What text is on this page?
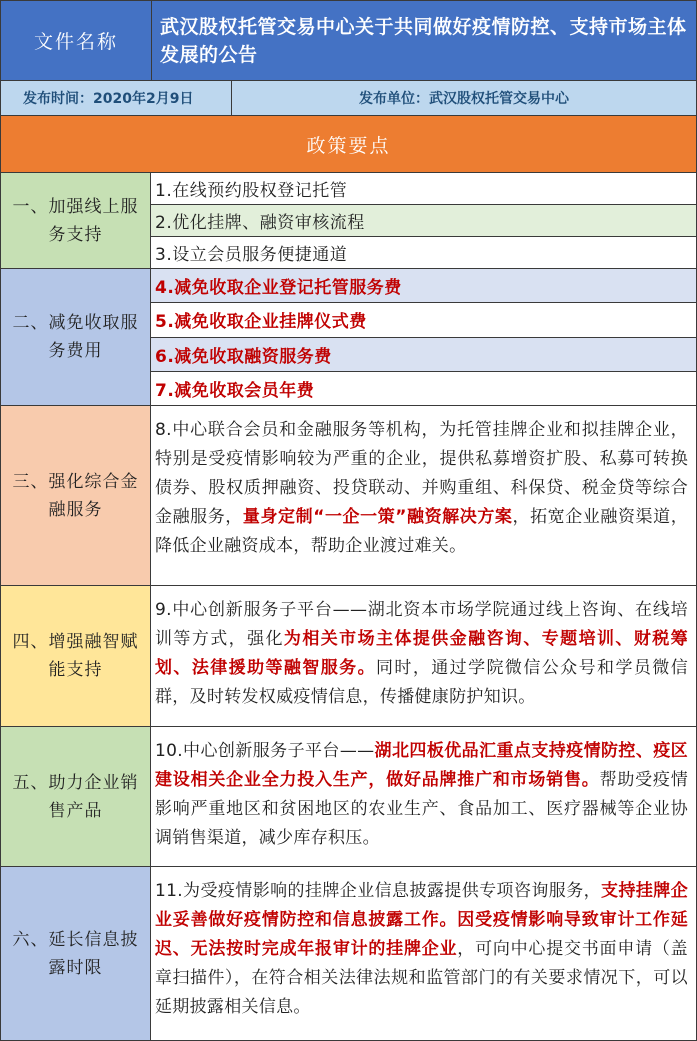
文件名称
武汉股权托管交易中心关于共同做好疫情防控、支持市场主体发展的公告
发布时间：2020年2月9日	发布单位：武汉股权托管交易中心
政策要点
一、加强线上服务支持
1.在线预约股权登记托管
2.优化挂牌、融资审核流程
3.设立会员服务便捷通道
二、减免收取服务费用
4.减免收取企业登记托管服务费
5.减免收取企业挂牌仪式费
6.减免收取融资服务费
7.减免收取会员年费
三、强化综合金融服务
8.中心联合会员和金融服务等机构，为托管挂牌企业和拟挂牌企业，特别是受疫情影响较为严重的企业，提供私募增资扩股、私募可转换债券、股权质押融资、投贷联动、并购重组、科保贷、税金贷等综合金融服务，量身定制“一企一策”融资解决方案，拓宽企业融资渠道，降低企业融资成本，帮助企业渡过难关。
四、增强融智赋能支持
9.中心创新服务子平台——湖北资本市场学院通过线上咨询、在线培训等方式，强化为相关市场主体提供金融咨询、专题培训、财税筹划、法律援助等融智服务。同时，通过学院微信公众号和学员微信群，及时转发权威疫情信息，传播健康防护知识。
五、助力企业销售产品
10.中心创新服务子平台——湖北四板优品汇重点支持疫情防控、疫区建设相关企业全力投入生产，做好品牌推广和市场销售。帮助受疫情影响严重地区和贫困地区的农业生产、食品加工、医疗器械等企业协调销售渠道，减少库存积压。
六、延长信息披露时限
11.为受疫情影响的挂牌企业信息披露提供专项咨询服务，支持挂牌企业妥善做好疫情防控和信息披露工作。因受疫情影响导致审计工作延迟、无法按时完成年报审计的挂牌企业，可向中心提交书面申请（盖章扫描件），在符合相关法律法规和监管部门的有关要求情况下，可以延期披露相关信息。
